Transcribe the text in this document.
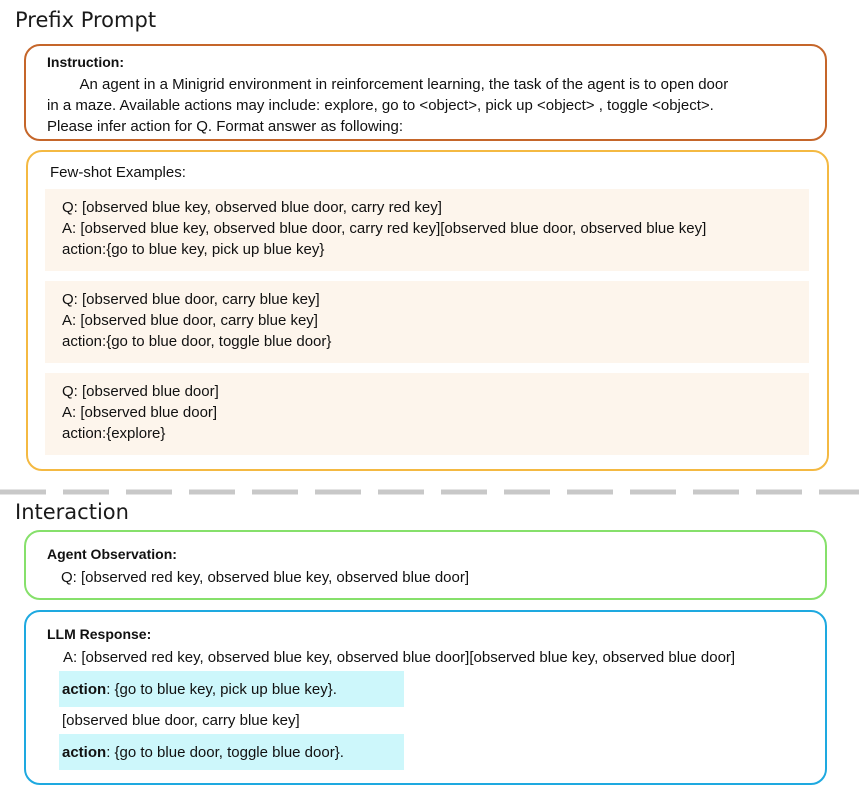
Prefix Prompt
Instruction:
An agent in a Minigrid environment in reinforcement learning, the task of the agent is to open door
in a maze. Available actions may include: explore, go to <object>, pick up <object> , toggle <object>.
Please infer action for Q. Format answer as following:
Few-shot Examples:
Q: [observed blue key, observed blue door, carry red key]
A: [observed blue key, observed blue door, carry red key][observed blue door, observed blue key]
action:{go to blue key, pick up blue key}
Q: [observed blue door, carry blue key]
A: [observed blue door, carry blue key]
action:{go to blue door, toggle blue door}
Q: [observed blue door]
A: [observed blue door]
action:{explore}
Interaction
Agent Observation:
Q: [observed red key, observed blue key, observed blue door]
LLM Response:
A: [observed red key, observed blue key, observed blue door][observed blue key, observed blue door]
action : {go to blue key, pick up blue key}.
[observed blue door, carry blue key]
action : {go to blue door, toggle blue door}.
